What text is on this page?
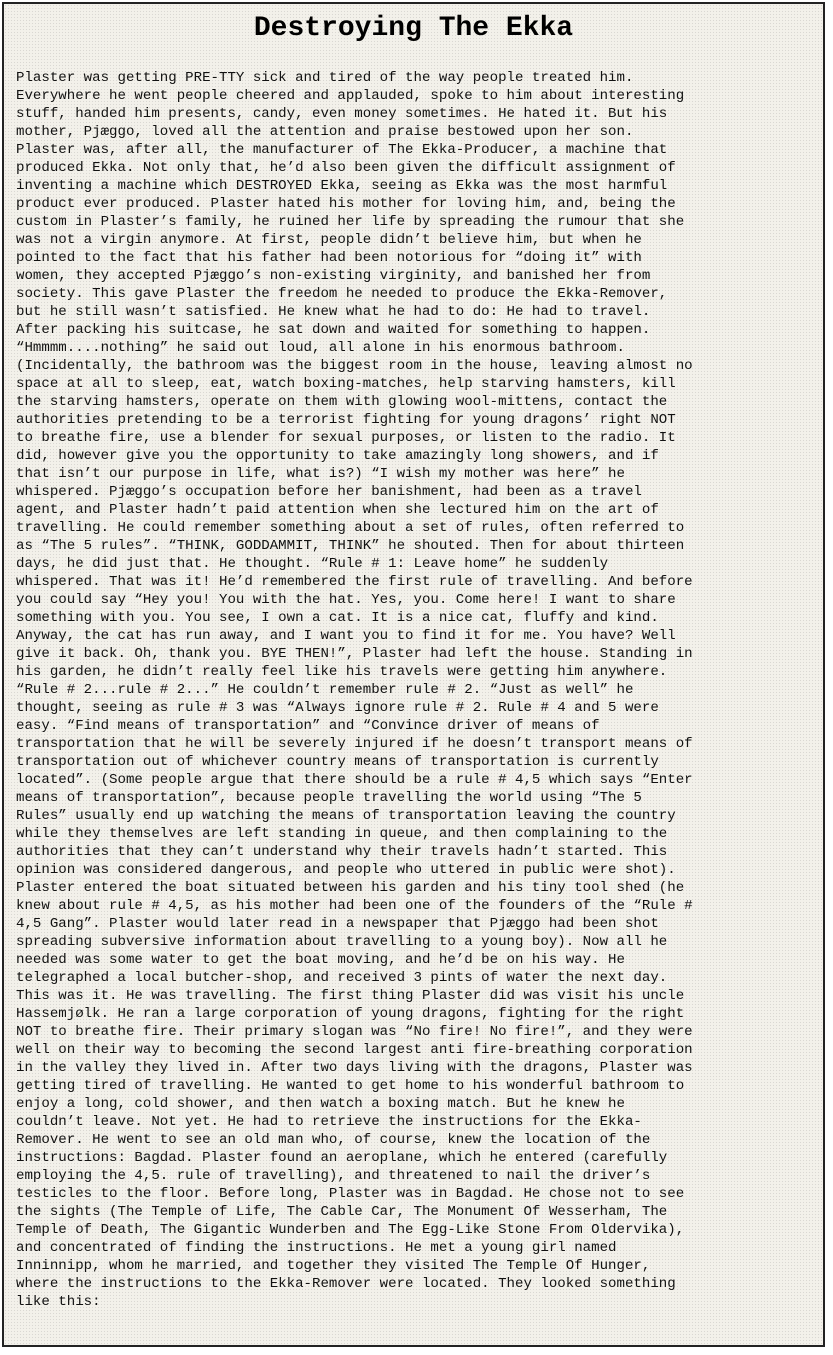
Destroying The Ekka
Plaster was getting PRE-TTY sick and tired of the way people treated him.
Everywhere he went people cheered and applauded, spoke to him about interesting
stuff, handed him presents, candy, even money sometimes. He hated it. But his
mother, Pjæggo, loved all the attention and praise bestowed upon her son.
Plaster was, after all, the manufacturer of The Ekka-Producer, a machine that
produced Ekka. Not only that, he’d also been given the difficult assignment of
inventing a machine which DESTROYED Ekka, seeing as Ekka was the most harmful
product ever produced. Plaster hated his mother for loving him, and, being the
custom in Plaster’s family, he ruined her life by spreading the rumour that she
was not a virgin anymore. At first, people didn’t believe him, but when he
pointed to the fact that his father had been notorious for “doing it” with
women, they accepted Pjæggo’s non-existing virginity, and banished her from
society. This gave Plaster the freedom he needed to produce the Ekka-Remover,
but he still wasn’t satisfied. He knew what he had to do: He had to travel.
After packing his suitcase, he sat down and waited for something to happen.
“Hmmmm....nothing” he said out loud, all alone in his enormous bathroom.
(Incidentally, the bathroom was the biggest room in the house, leaving almost no
space at all to sleep, eat, watch boxing-matches, help starving hamsters, kill
the starving hamsters, operate on them with glowing wool-mittens, contact the
authorities pretending to be a terrorist fighting for young dragons’ right NOT
to breathe fire, use a blender for sexual purposes, or listen to the radio. It
did, however give you the opportunity to take amazingly long showers, and if
that isn’t our purpose in life, what is?) “I wish my mother was here” he
whispered. Pjæggo’s occupation before her banishment, had been as a travel
agent, and Plaster hadn’t paid attention when she lectured him on the art of
travelling. He could remember something about a set of rules, often referred to
as “The 5 rules”. “THINK, GODDAMMIT, THINK” he shouted. Then for about thirteen
days, he did just that. He thought. “Rule # 1: Leave home” he suddenly
whispered. That was it! He’d remembered the first rule of travelling. And before
you could say “Hey you! You with the hat. Yes, you. Come here! I want to share
something with you. You see, I own a cat. It is a nice cat, fluffy and kind.
Anyway, the cat has run away, and I want you to find it for me. You have? Well
give it back. Oh, thank you. BYE THEN!”, Plaster had left the house. Standing in
his garden, he didn’t really feel like his travels were getting him anywhere.
“Rule # 2...rule # 2...” He couldn’t remember rule # 2. “Just as well” he
thought, seeing as rule # 3 was “Always ignore rule # 2. Rule # 4 and 5 were
easy. “Find means of transportation” and “Convince driver of means of
transportation that he will be severely injured if he doesn’t transport means of
transportation out of whichever country means of transportation is currently
located”. (Some people argue that there should be a rule # 4,5 which says “Enter
means of transportation”, because people travelling the world using “The 5
Rules” usually end up watching the means of transportation leaving the country
while they themselves are left standing in queue, and then complaining to the
authorities that they can’t understand why their travels hadn’t started. This
opinion was considered dangerous, and people who uttered in public were shot).
Plaster entered the boat situated between his garden and his tiny tool shed (he
knew about rule # 4,5, as his mother had been one of the founders of the “Rule #
4,5 Gang”. Plaster would later read in a newspaper that Pjæggo had been shot
spreading subversive information about travelling to a young boy). Now all he
needed was some water to get the boat moving, and he’d be on his way. He
telegraphed a local butcher-shop, and received 3 pints of water the next day.
This was it. He was travelling. The first thing Plaster did was visit his uncle
Hassemjølk. He ran a large corporation of young dragons, fighting for the right
NOT to breathe fire. Their primary slogan was “No fire! No fire!”, and they were
well on their way to becoming the second largest anti fire-breathing corporation
in the valley they lived in. After two days living with the dragons, Plaster was
getting tired of travelling. He wanted to get home to his wonderful bathroom to
enjoy a long, cold shower, and then watch a boxing match. But he knew he
couldn’t leave. Not yet. He had to retrieve the instructions for the Ekka-
Remover. He went to see an old man who, of course, knew the location of the
instructions: Bagdad. Plaster found an aeroplane, which he entered (carefully
employing the 4,5. rule of travelling), and threatened to nail the driver’s
testicles to the floor. Before long, Plaster was in Bagdad. He chose not to see
the sights (The Temple of Life, The Cable Car, The Monument Of Wesserham, The
Temple of Death, The Gigantic Wunderben and The Egg-Like Stone From Oldervika),
and concentrated of finding the instructions. He met a young girl named
Inninnipp, whom he married, and together they visited The Temple Of Hunger,
where the instructions to the Ekka-Remover were located. They looked something
like this:
